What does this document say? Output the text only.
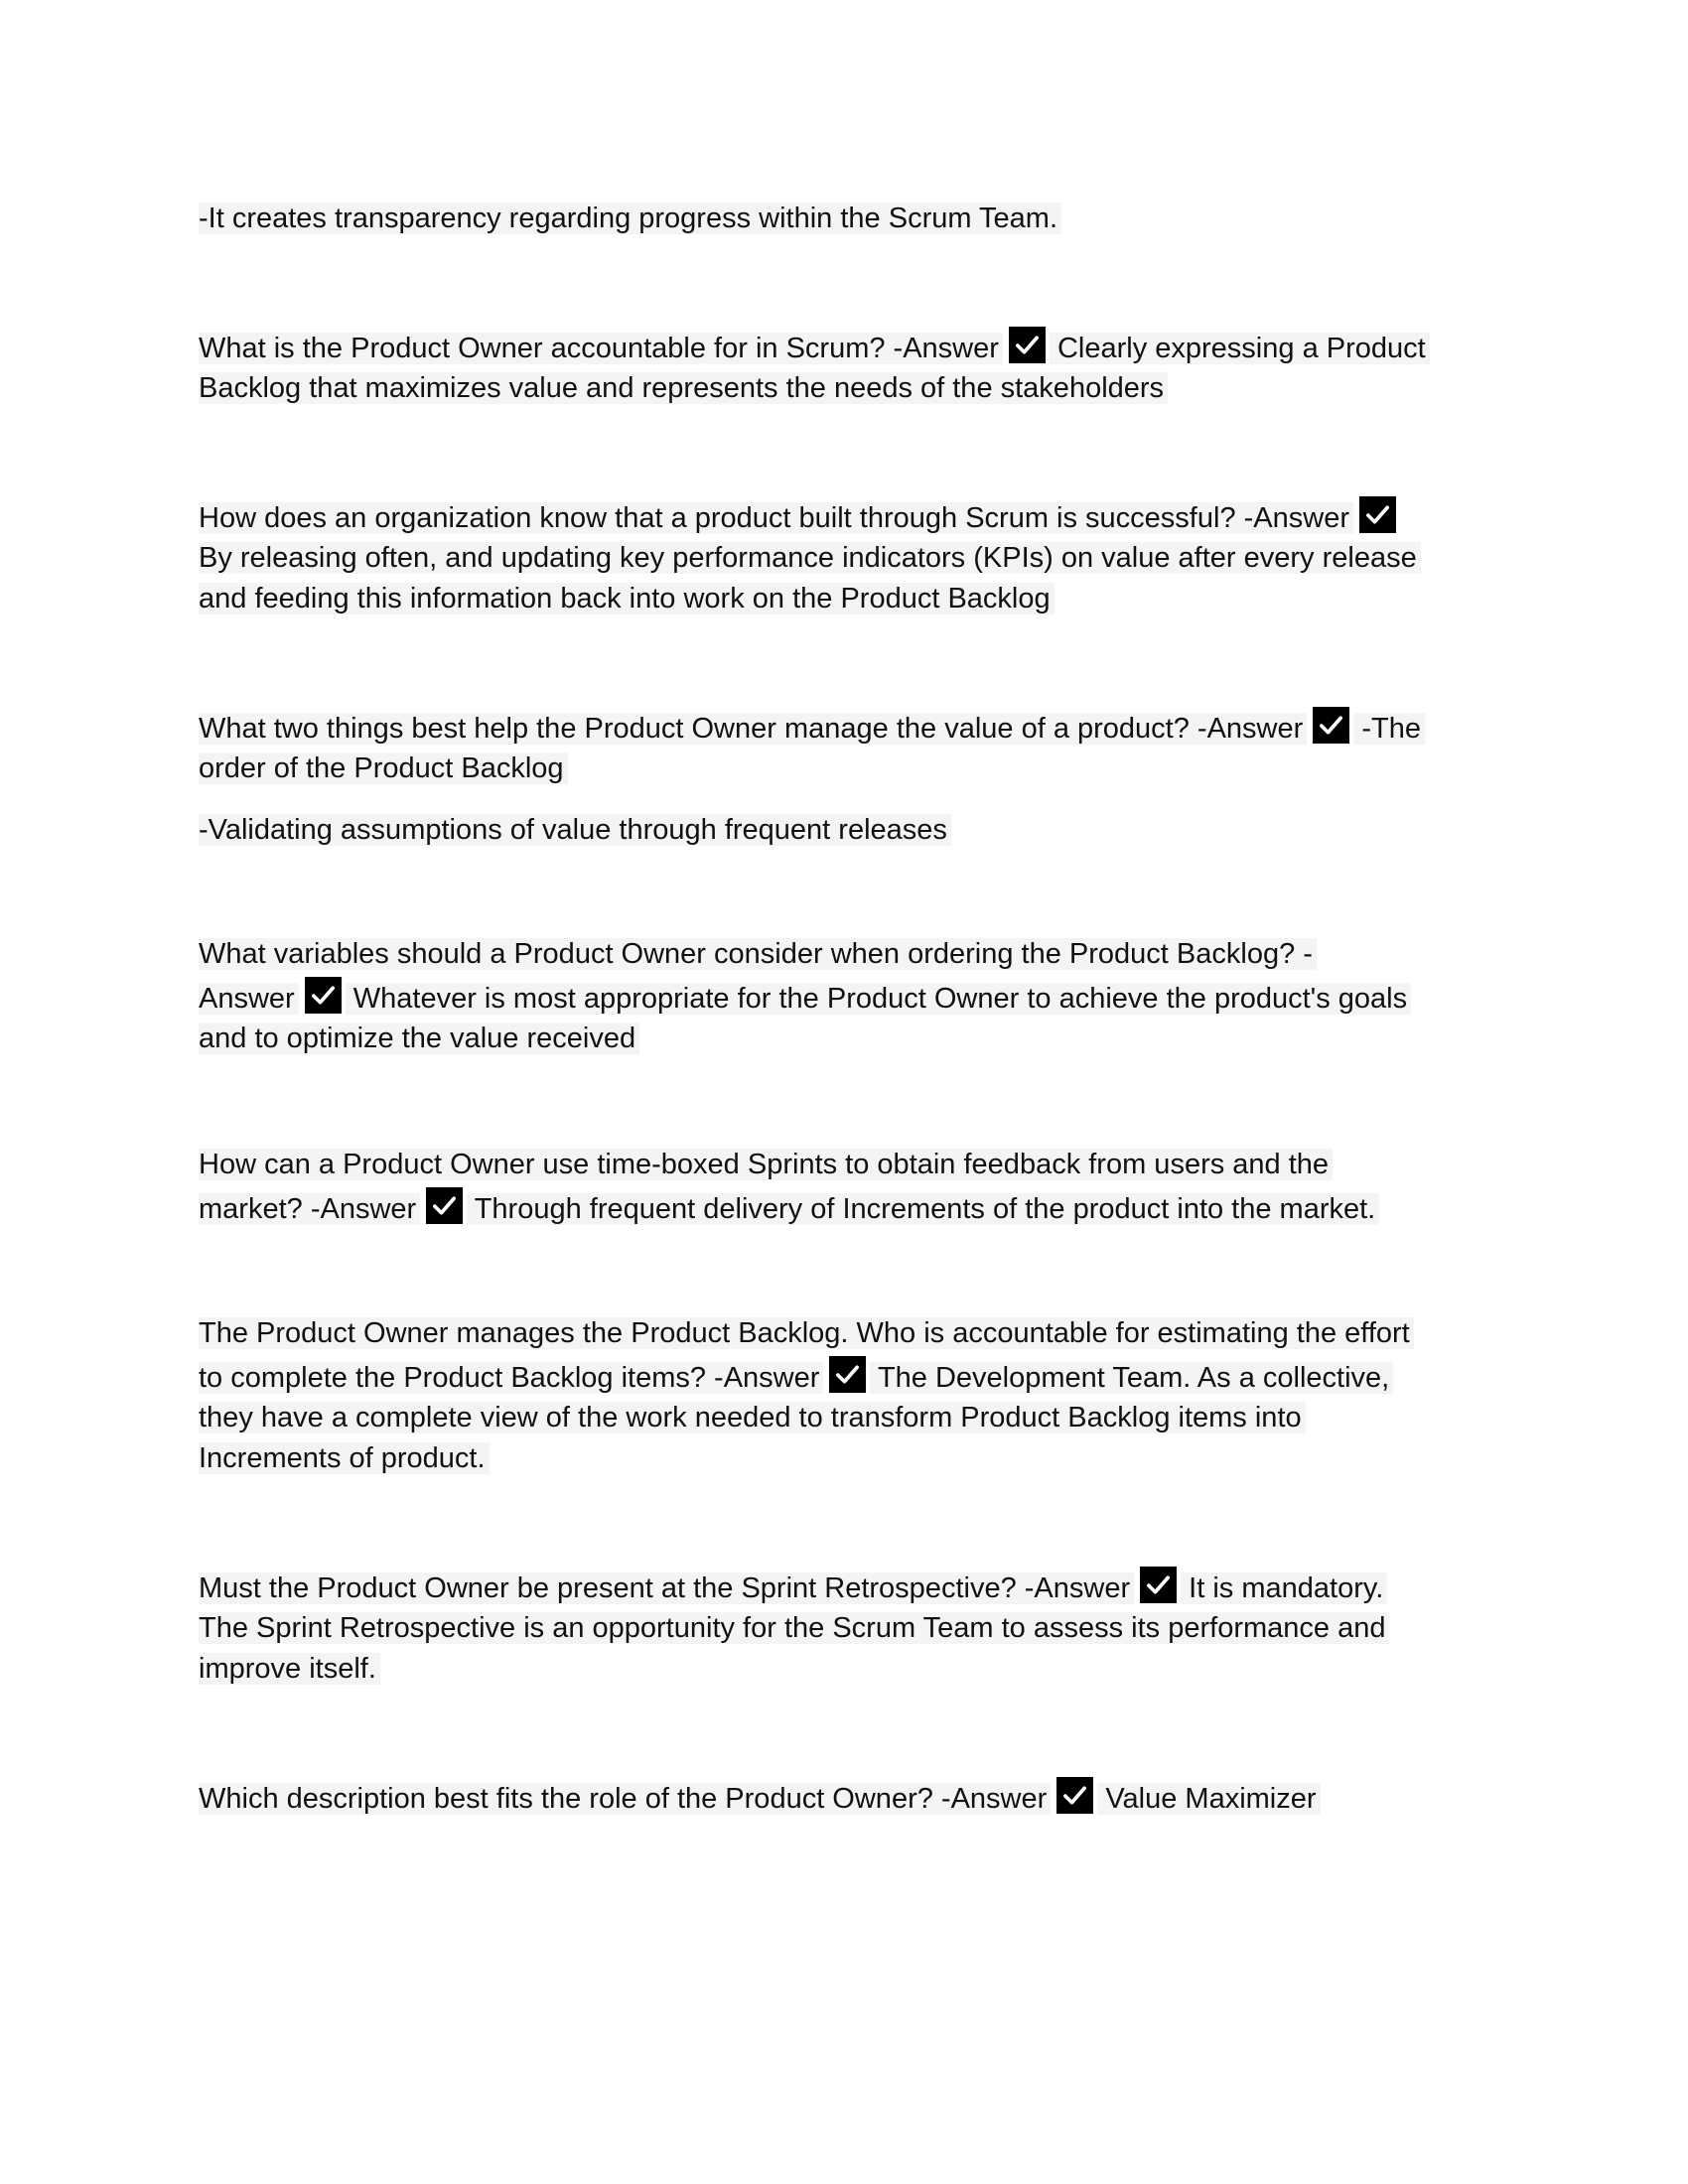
-It creates transparency regarding progress within the Scrum Team.
What is the Product Owner accountable for in Scrum? -Answer
Clearly expressing a Product
Backlog that maximizes value and represents the needs of the stakeholders
How does an organization know that a product built through Scrum is successful? -Answer
By releasing often, and updating key performance indicators (KPIs) on value after every release
and feeding this information back into work on the Product Backlog
What two things best help the Product Owner manage the value of a product? -Answer
-The
order of the Product Backlog
-Validating assumptions of value through frequent releases
What variables should a Product Owner consider when ordering the Product Backlog? -
Answer
Whatever is most appropriate for the Product Owner to achieve the product's goals
and to optimize the value received
How can a Product Owner use time-boxed Sprints to obtain feedback from users and the
market? -Answer
Through frequent delivery of Increments of the product into the market.
The Product Owner manages the Product Backlog. Who is accountable for estimating the effort
to complete the Product Backlog items? -Answer
The Development Team. As a collective,
they have a complete view of the work needed to transform Product Backlog items into
Increments of product.
Must the Product Owner be present at the Sprint Retrospective? -Answer
It is mandatory.
The Sprint Retrospective is an opportunity for the Scrum Team to assess its performance and
improve itself.
Which description best fits the role of the Product Owner? -Answer
Value Maximizer
